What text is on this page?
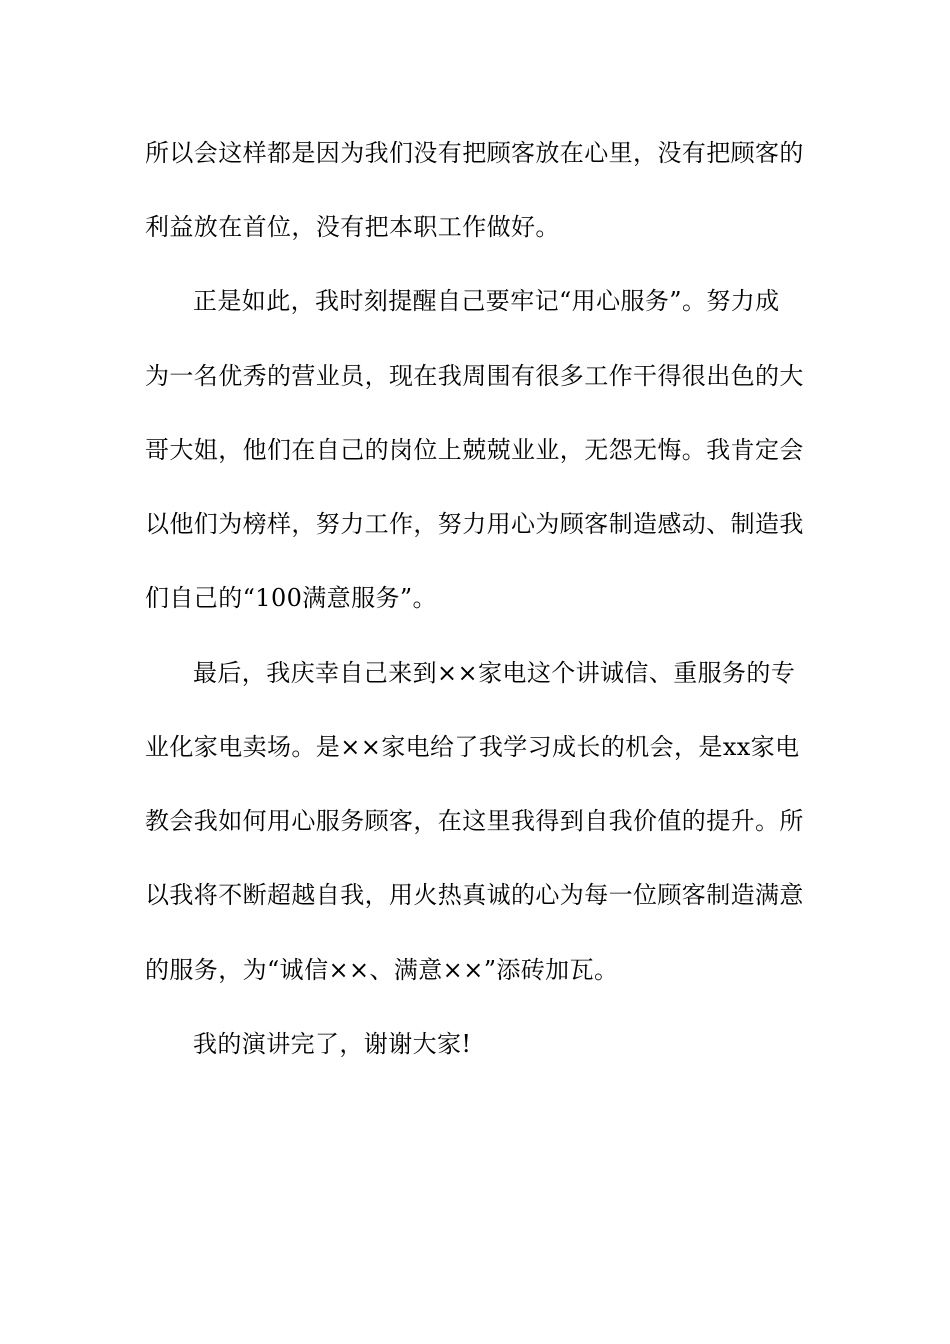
所以会这样都是因为我们没有把顾客放在心里，没有把顾客的
利益放在首位，没有把本职工作做好。
正是如此，我时刻提醒自己要牢记“用心服务”。努力成
为一名优秀的营业员，现在我周围有很多工作干得很出色的大
哥大姐，他们在自己的岗位上兢兢业业，无怨无悔。我肯定会
以他们为榜样，努力工作，努力用心为顾客制造感动、制造我
们自己的“100满意服务”。
最后，我庆幸自己来到××家电这个讲诚信、重服务的专
业化家电卖场。是××家电给了我学习成长的机会，是xx家电
教会我如何用心服务顾客，在这里我得到自我价值的提升。所
以我将不断超越自我，用火热真诚的心为每一位顾客制造满意
的服务，为“诚信××、满意××”添砖加瓦。
我的演讲完了，谢谢大家!
